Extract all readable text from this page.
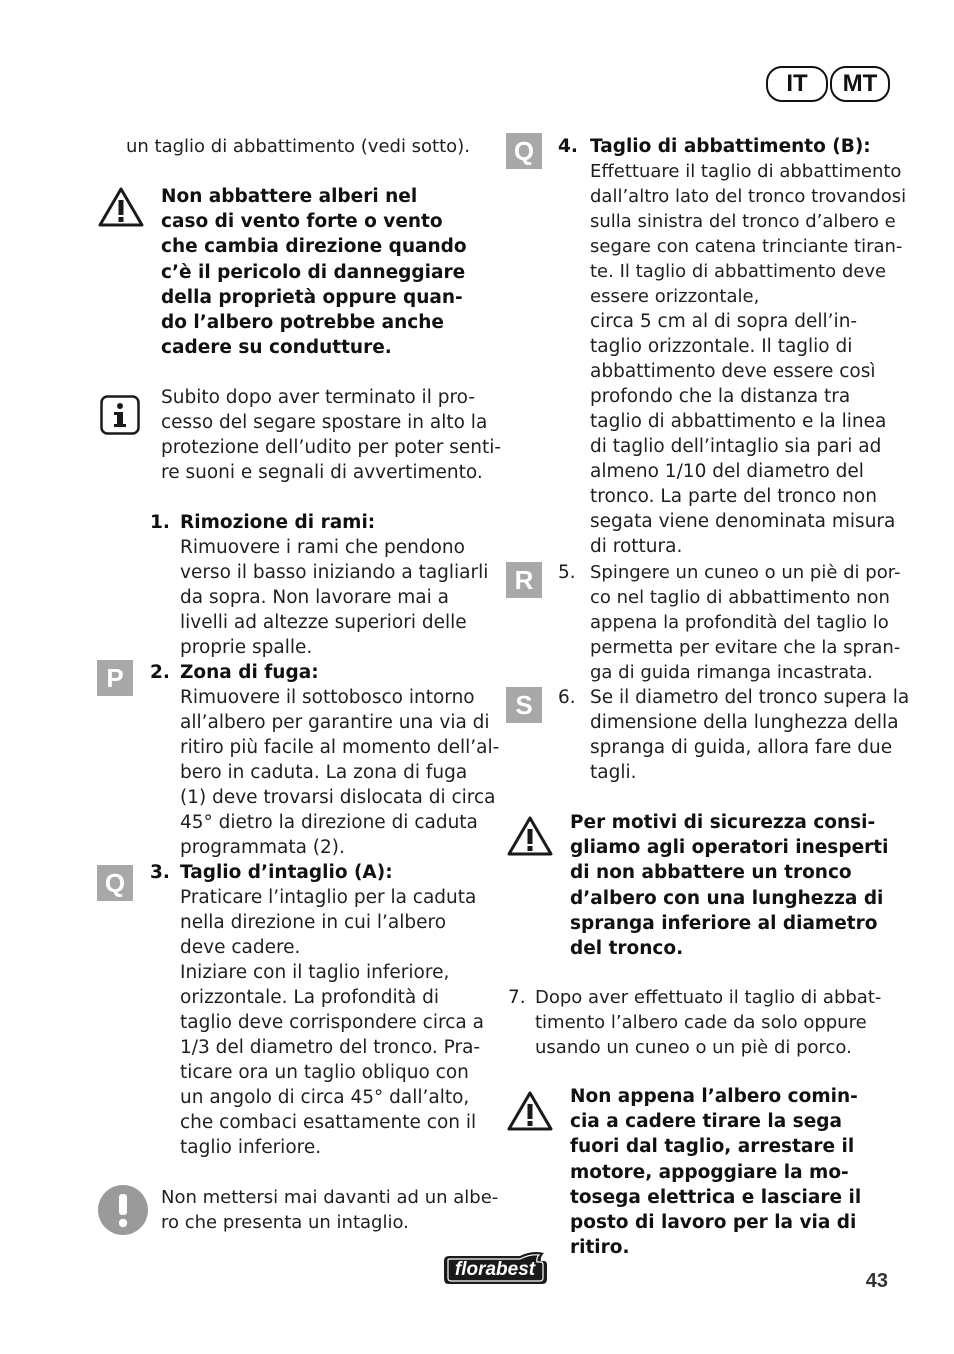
IT	MT
un taglio di abbattimento (vedi sotto).
Non abbattere alberi nel
caso di vento forte o vento
che cambia direzione quando
c’è il pericolo di danneggiare
della proprietà oppure quan-
do l’albero potrebbe anche
cadere su condutture.
Subito dopo aver terminato il pro-
cesso del segare spostare in alto la
protezione dell’udito per poter senti-
re suoni e segnali di avvertimento.
1. Rimozione di rami:
Rimuovere i rami che pendono
verso il basso iniziando a tagliarli
da sopra. Non lavorare mai a
livelli ad altezze superiori delle
proprie spalle.
P	2. Zona di fuga:
Rimuovere il sottobosco intorno
all’albero per garantire una via di
ritiro più facile al momento dell’al-
bero in caduta. La zona di fuga
(1) deve trovarsi dislocata di circa
45° dietro la direzione di caduta
programmata (2).
Q	3. Taglio d’intaglio (A):
Praticare l’intaglio per la caduta
nella direzione in cui l’albero
deve cadere.
Iniziare con il taglio inferiore,
orizzontale. La profondità di
taglio deve corrispondere circa a
1/3 del diametro del tronco. Pra-
ticare ora un taglio obliquo con
un angolo di circa 45° dall’alto,
che combaci esattamente con il
taglio inferiore.
Non mettersi mai davanti ad un albe-
ro che presenta un intaglio.
Q	4. Taglio di abbattimento (B):
Effettuare il taglio di abbattimento
dall’altro lato del tronco trovandosi
sulla sinistra del tronco d’albero e
segare con catena trinciante tiran-
te. Il taglio di abbattimento deve
essere orizzontale,
circa 5 cm al di sopra dell’in-
taglio orizzontale. Il taglio di
abbattimento deve essere così
profondo che la distanza tra
taglio di abbattimento e la linea
di taglio dell’intaglio sia pari ad
almeno 1/10 del diametro del
tronco. La parte del tronco non
segata viene denominata misura
di rottura.
R	5. Spingere un cuneo o un piè di por-
co nel taglio di abbattimento non
appena la profondità del taglio lo
permetta per evitare che la spran-
ga di guida rimanga incastrata.
S	6. Se il diametro del tronco supera la
dimensione della lunghezza della
spranga di guida, allora fare due
tagli.
Per motivi di sicurezza consi-
gliamo agli operatori inesperti
di non abbattere un tronco
d’albero con una lunghezza di
spranga inferiore al diametro
del tronco.
7. Dopo aver effettuato il taglio di abbat-
timento l’albero cade da solo oppure
usando un cuneo o un piè di porco.
Non appena l’albero comin-
cia a cadere tirare la sega
fuori dal taglio, arrestare il
motore, appoggiare la mo-
tosega elettrica e lasciare il
posto di lavoro per la via di
ritiro.
florabest
43
